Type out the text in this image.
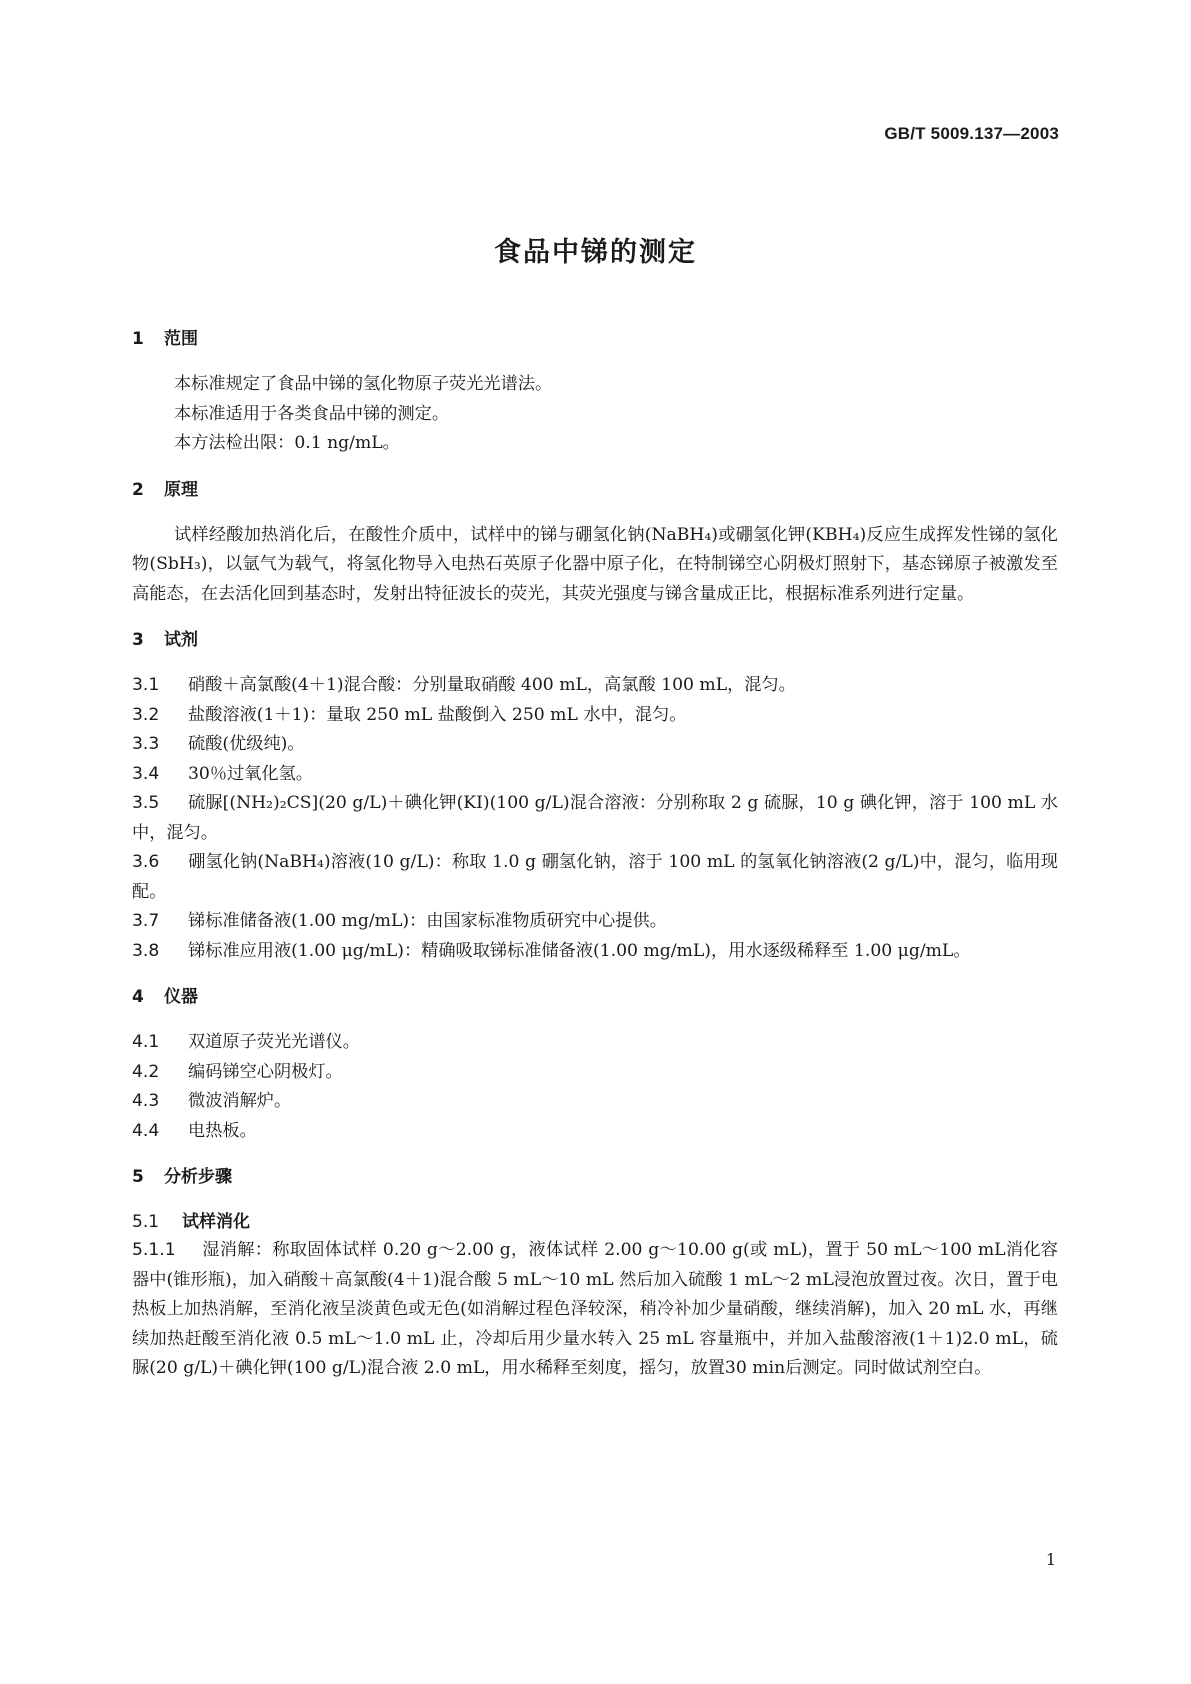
GB/T 5009.137—2003
食品中锑的测定
1 范围

本标准规定了食品中锑的氢化物原子荧光光谱法。

本标准适用于各类食品中锑的测定。

本方法检出限：0.1 ng/mL。

2 原理

试样经酸加热消化后，在酸性介质中，试样中的锑与硼氢化钠(NaBH₄)或硼氢化钾(KBH₄)反应生成挥发性锑的氢化物(SbH₃)，以氩气为载气，将氢化物导入电热石英原子化器中原子化，在特制锑空心阴极灯照射下，基态锑原子被激发至高能态，在去活化回到基态时，发射出特征波长的荧光，其荧光强度与锑含量成正比，根据标准系列进行定量。

3 试剂

3.1 硝酸＋高氯酸(4＋1)混合酸：分别量取硝酸 400 mL，高氯酸 100 mL，混匀。

3.2 盐酸溶液(1＋1)：量取 250 mL 盐酸倒入 250 mL 水中，混匀。

3.3 硫酸(优级纯)。

3.4 30％过氧化氢。

3.5 硫脲[(NH₂)₂CS](20 g/L)＋碘化钾(KI)(100 g/L)混合溶液：分别称取 2 g 硫脲，10 g 碘化钾，溶于 100 mL 水中，混匀。

3.6 硼氢化钠(NaBH₄)溶液(10 g/L)：称取 1.0 g 硼氢化钠，溶于 100 mL 的氢氧化钠溶液(2 g/L)中，混匀，临用现配。

3.7 锑标准储备液(1.00 mg/mL)：由国家标准物质研究中心提供。

3.8 锑标准应用液(1.00 μg/mL)：精确吸取锑标准储备液(1.00 mg/mL)，用水逐级稀释至 1.00 μg/mL。

4 仪器

4.1 双道原子荧光光谱仪。

4.2 编码锑空心阴极灯。

4.3 微波消解炉。

4.4 电热板。

5 分析步骤
5.1 试样消化

5.1.1 湿消解：称取固体试样 0.20 g～2.00 g，液体试样 2.00 g～10.00 g(或 mL)，置于 50 mL～100 mL消化容器中(锥形瓶)，加入硝酸＋高氯酸(4＋1)混合酸 5 mL～10 mL 然后加入硫酸 1 mL～2 mL浸泡放置过夜。次日，置于电热板上加热消解，至消化液呈淡黄色或无色(如消解过程色泽较深，稍冷补加少量硝酸，继续消解)，加入 20 mL 水，再继续加热赶酸至消化液 0.5 mL～1.0 mL 止，冷却后用少量水转入 25 mL 容量瓶中，并加入盐酸溶液(1＋1)2.0 mL，硫脲(20 g/L)＋碘化钾(100 g/L)混合液 2.0 mL，用水稀释至刻度，摇匀，放置30 min后测定。同时做试剂空白。

1
